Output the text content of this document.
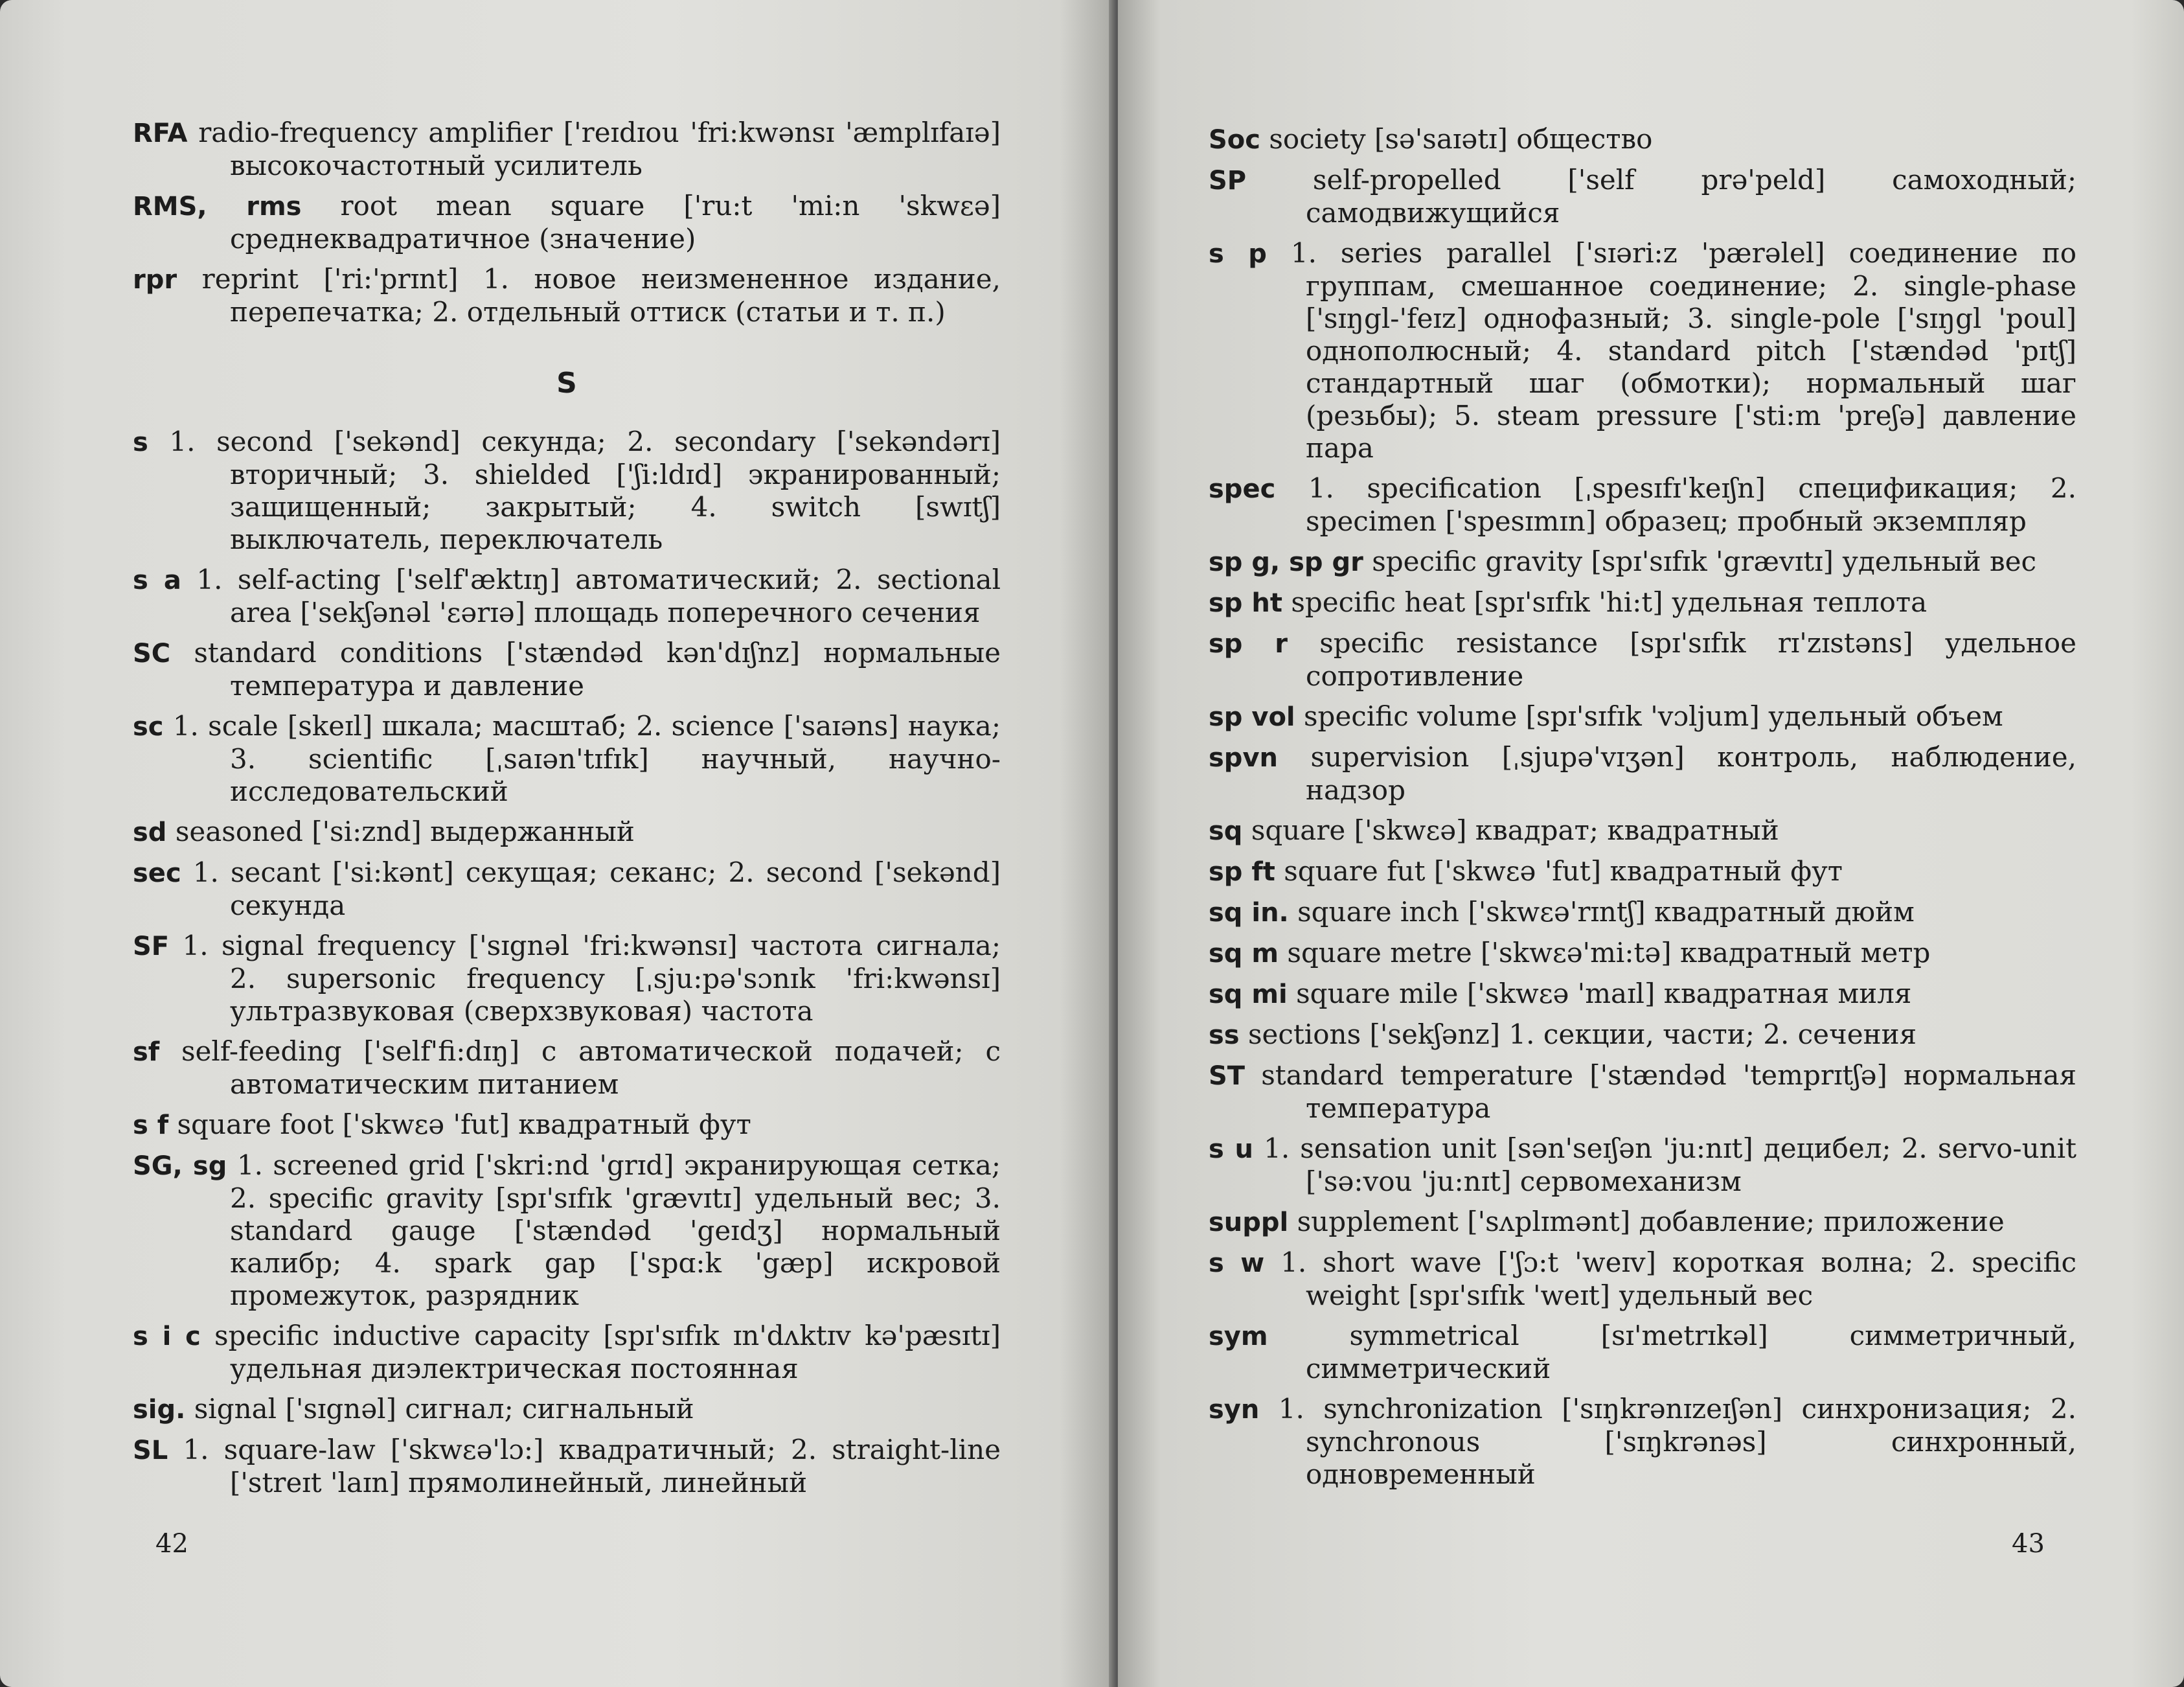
RFA radio-frequency amplifier ['reɪdɪou 'fri:kwənsɪ 'æmplɪfaɪə] высокочастотный усилитель

RMS, rms root mean square ['ru:t 'mi:n 'skwɛə] среднеквадратичное (значение)

rpr reprint ['ri:'prɪnt] 1. новое неизмененное издание, перепечатка; 2. отдельный оттиск (статьи и т. п.)

S

s 1. second ['sekənd] секунда; 2. secondary ['sekəndərɪ] вторичный; 3. shielded ['ʃi:ldɪd] экранированный; защищенный; закрытый; 4. switch [swɪtʃ] выключатель, переключатель

s a 1. self-acting ['self'æktɪŋ] автоматический; 2. sectional area ['sekʃənəl 'ɛərɪə] площадь поперечного сечения

SC standard conditions ['stændəd kən'dɪʃnz] нормальные температура и давление

sc 1. scale [skeɪl] шкала; масштаб; 2. science ['saɪəns] наука; 3. scientific [ˌsaɪən'tɪfɪk] научный, научно-исследовательский

sd seasoned ['si:znd] выдержанный

sec 1. secant ['si:kənt] секущая; секанс; 2. second ['sekənd] секунда

SF 1. signal frequency ['sɪgnəl 'fri:kwənsɪ] частота сигнала; 2. supersonic frequency [ˌsju:pə'sɔnɪk 'fri:kwənsɪ] ультразвуковая (сверхзвуковая) частота

sf self-feeding ['self'fi:dɪŋ] с автоматической подачей; с автоматическим питанием

s f square foot ['skwɛə 'fut] квадратный фут

SG, sg 1. screened grid ['skri:nd 'grɪd] экранирующая сетка; 2. specific gravity [spɪ'sɪfɪk 'grævɪtɪ] удельный вес; 3. standard gauge ['stændəd 'geɪdʒ] нормальный калибр; 4. spark gap ['spɑ:k 'gæp] искровой промежуток, разрядник

s i c specific inductive capacity [spɪ'sɪfɪk ɪn'dʌktɪv kə'pæsɪtɪ] удельная диэлектрическая постоянная

sig. signal ['sɪgnəl] сигнал; сигнальный

SL 1. square-law ['skwɛə'lɔ:] квадратичный; 2. straight-line ['streɪt 'laɪn] прямолинейный, линейный

42

Soc society [sə'saɪətɪ] общество

SP self-propelled ['self prə'peld] самоходный; самодвижущийся

s p 1. series parallel ['sɪəri:z 'pærəlel] соединение по группам, смешанное соединение; 2. single-phase ['sɪŋgl-'feɪz] однофазный; 3. single-pole ['sɪŋgl 'poul] однополюсный; 4. standard pitch ['stændəd 'pɪtʃ] стандартный шаг (обмотки); нормальный шаг (резьбы); 5. steam pressure ['sti:m 'preʃə] давление пара

spec 1. specification [ˌspesɪfɪ'keɪʃn] спецификация; 2. specimen ['spesɪmɪn] образец; пробный экземпляр

sp g, sp gr specific gravity [spɪ'sɪfɪk 'grævɪtɪ] удельный вес

sp ht specific heat [spɪ'sɪfɪk 'hi:t] удельная теплота

sp r specific resistance [spɪ'sɪfɪk rɪ'zɪstəns] удельное сопротивление

sp vol specific volume [spɪ'sɪfɪk 'vɔljum] удельный объем

spvn supervision [ˌsjupə'vɪʒən] контроль, наблюдение, надзор

sq square ['skwɛə] квадрат; квадратный

sp ft square fut ['skwɛə 'fut] квадратный фут

sq in. square inch ['skwɛə'rɪntʃ] квадратный дюйм

sq m square metre ['skwɛə'mi:tə] квадратный метр

sq mi square mile ['skwɛə 'maɪl] квадратная миля

ss sections ['sekʃənz] 1. секции, части; 2. сечения

ST standard temperature ['stændəd 'temprɪtʃə] нормальная температура

s u 1. sensation unit [sən'seɪʃən 'ju:nɪt] децибел; 2. servo-unit ['sə:vou 'ju:nɪt] сервомеханизм

suppl supplement ['sʌplɪmənt] добавление; приложение

s w 1. short wave ['ʃɔ:t 'weɪv] короткая волна; 2. specific weight [spɪ'sɪfɪk 'weɪt] удельный вес

sym	symmetrical [sɪ'metrɪkəl] симметричный, симметрический

syn 1. synchronization ['sɪŋkrənɪzeɪʃən] синхронизация; 2. synchronous ['sɪŋkrənəs] синхронный, одновременный

43
